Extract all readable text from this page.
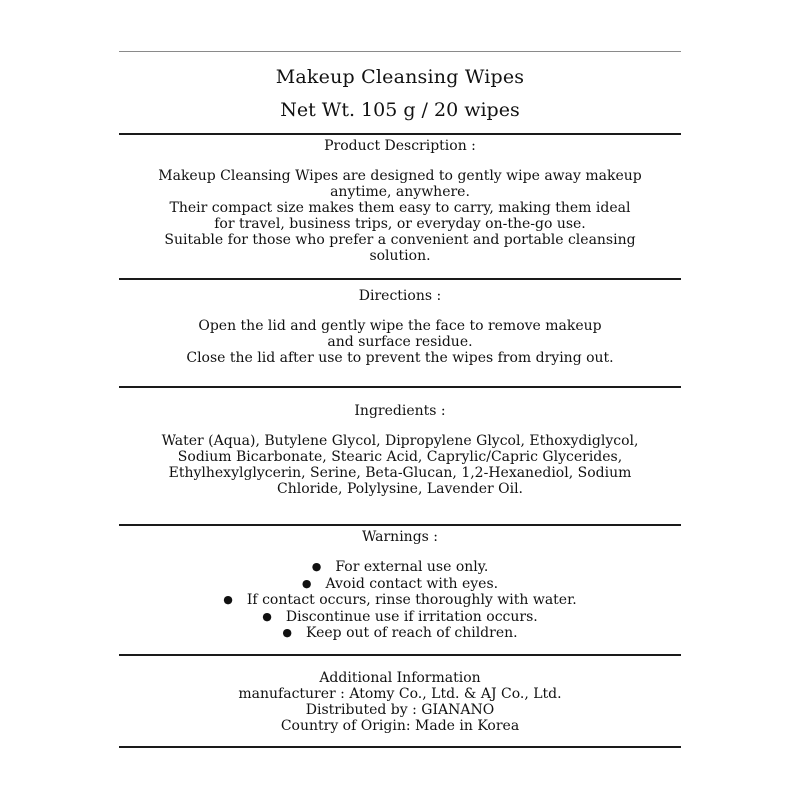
Makeup Cleansing Wipes
Net Wt. 105 g / 20 wipes
Product Description :

Makeup Cleansing Wipes are designed to gently wipe away makeup

anytime, anywhere.

Their compact size makes them easy to carry, making them ideal

for travel, business trips, or everyday on-the-go use.

Suitable for those who prefer a convenient and portable cleansing

solution.

Directions :

Open the lid and gently wipe the face to remove makeup

and surface residue.

Close the lid after use to prevent the wipes from drying out.

Ingredients :

Water (Aqua), Butylene Glycol, Dipropylene Glycol, Ethoxydiglycol,

Sodium Bicarbonate, Stearic Acid, Caprylic/Capric Glycerides,

Ethylhexylglycerin, Serine, Beta-Glucan, 1,2-Hexanediol, Sodium

Chloride, Polylysine, Lavender Oil.

Warnings :
● For external use only.
● Avoid contact with eyes.
● If contact occurs, rinse thoroughly with water.
● Discontinue use if irritation occurs.
● Keep out of reach of children.
Additional Information

manufacturer : Atomy Co., Ltd. & AJ Co., Ltd.

Distributed by : GIANANO

Country of Origin: Made in Korea
